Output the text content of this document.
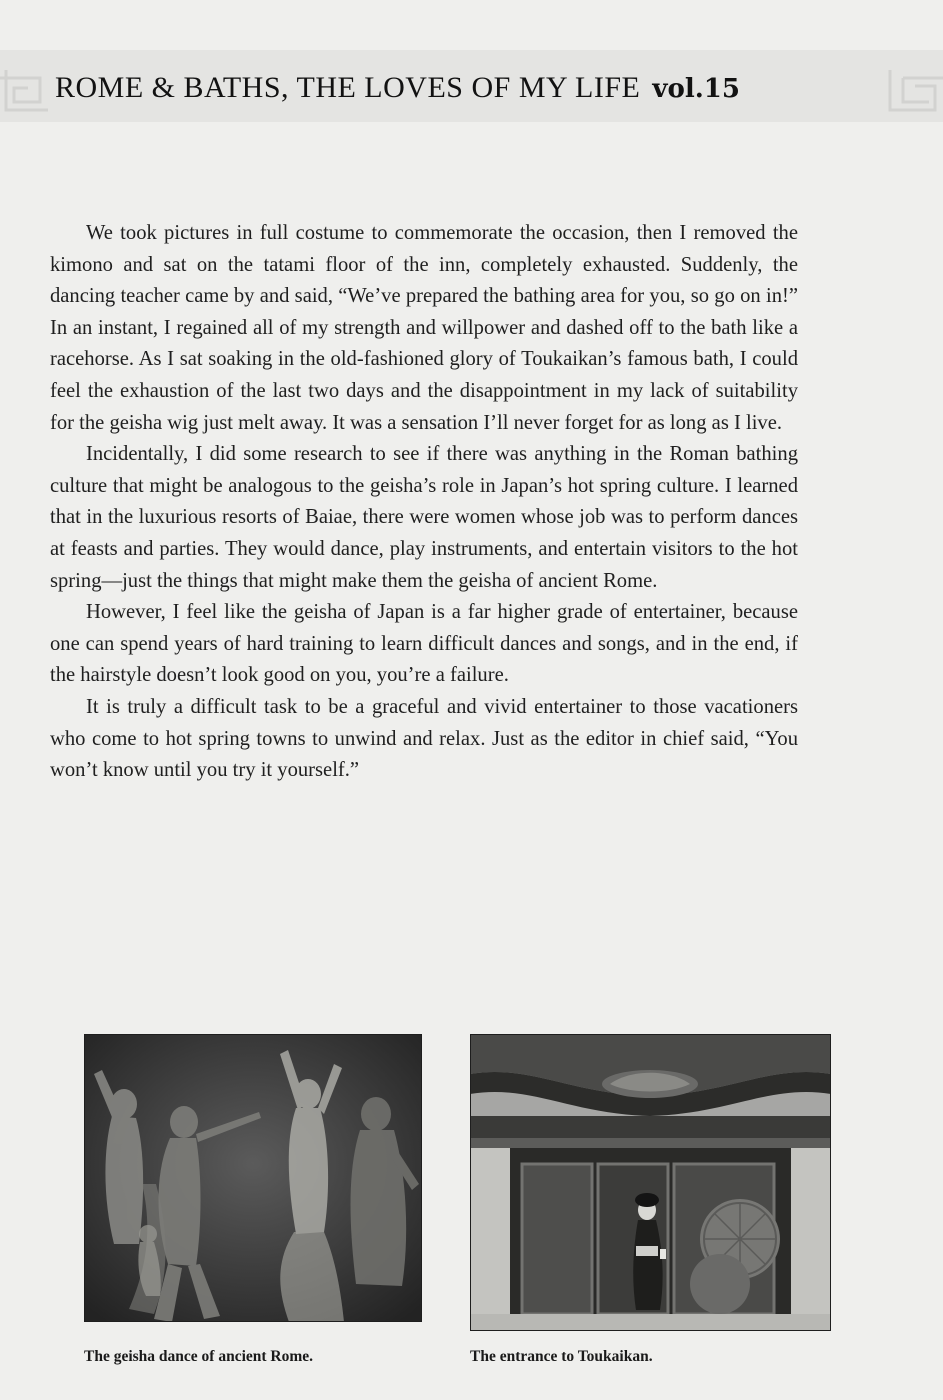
ROME & BATHS, THE LOVES OF MY LIFE vol.15

We took pictures in full costume to commemorate the occasion, then I removed the kimono and sat on the tatami floor of the inn, completely exhausted. Suddenly, the dancing teacher came by and said, “We’ve prepared the bathing area for you, so go on in!” In an instant, I regained all of my strength and willpower and dashed off to the bath like a racehorse. As I sat soaking in the old-fashioned glory of Toukaikan’s famous bath, I could feel the exhaustion of the last two days and the disappointment in my lack of suitability for the geisha wig just melt away. It was a sensation I’ll never forget for as long as I live.

Incidentally, I did some research to see if there was anything in the Roman bathing culture that might be analogous to the geisha’s role in Japan’s hot spring culture. I learned that in the luxurious resorts of Baiae, there were women whose job was to perform dances at feasts and parties. They would dance, play instruments, and entertain visitors to the hot spring—just the things that might make them the geisha of ancient Rome.

However, I feel like the geisha of Japan is a far higher grade of entertainer, because one can spend years of hard training to learn difficult dances and songs, and in the end, if the hairstyle doesn’t look good on you, you’re a failure.

It is truly a difficult task to be a graceful and vivid entertainer to those vacationers who come to hot spring towns to unwind and relax. Just as the editor in chief said, “You won’t know until you try it yourself.”

The geisha dance of ancient Rome.	The entrance to Toukaikan.
